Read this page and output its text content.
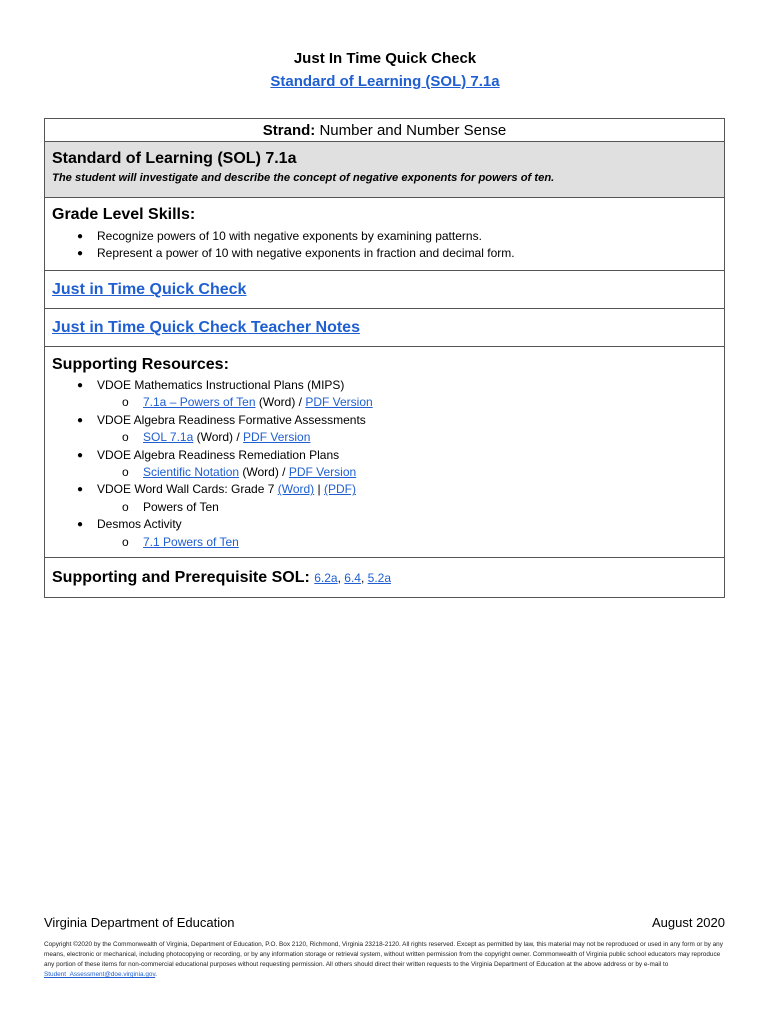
Just In Time Quick Check
Standard of Learning (SOL) 7.1a
Strand: Number and Number Sense
Standard of Learning (SOL) 7.1a
The student will investigate and describe the concept of negative exponents for powers of ten.
Grade Level Skills:
● Recognize powers of 10 with negative exponents by examining patterns.
● Represent a power of 10 with negative exponents in fraction and decimal form.
Just in Time Quick Check
Just in Time Quick Check Teacher Notes
Supporting Resources:
● VDOE Mathematics Instructional Plans (MIPS)
o 7.1a – Powers of Ten (Word) / PDF Version
● VDOE Algebra Readiness Formative Assessments
o SOL 7.1a (Word) / PDF Version
● VDOE Algebra Readiness Remediation Plans
o Scientific Notation (Word) / PDF Version
● VDOE Word Wall Cards: Grade 7 (Word) | (PDF)
o Powers of Ten
● Desmos Activity
o 7.1 Powers of Ten
Supporting and Prerequisite SOL: 6.2a, 6.4, 5.2a
Virginia Department of Education	August 2020
Copyright ©2020 by the Commonwealth of Virginia, Department of Education, P.O. Box 2120, Richmond, Virginia 23218-2120. All rights reserved. Except as permitted by law, this material may not be reproduced or used in any form or by any means, electronic or mechanical, including photocopying or recording, or by any information storage or retrieval system, without written permission from the copyright owner. Commonwealth of Virginia public school educators may reproduce any portion of these items for non-commercial educational purposes without requesting permission. All others should direct their written requests to the Virginia Department of Education at the above address or by e-mail to Student_Assessment@doe.virginia.gov.
